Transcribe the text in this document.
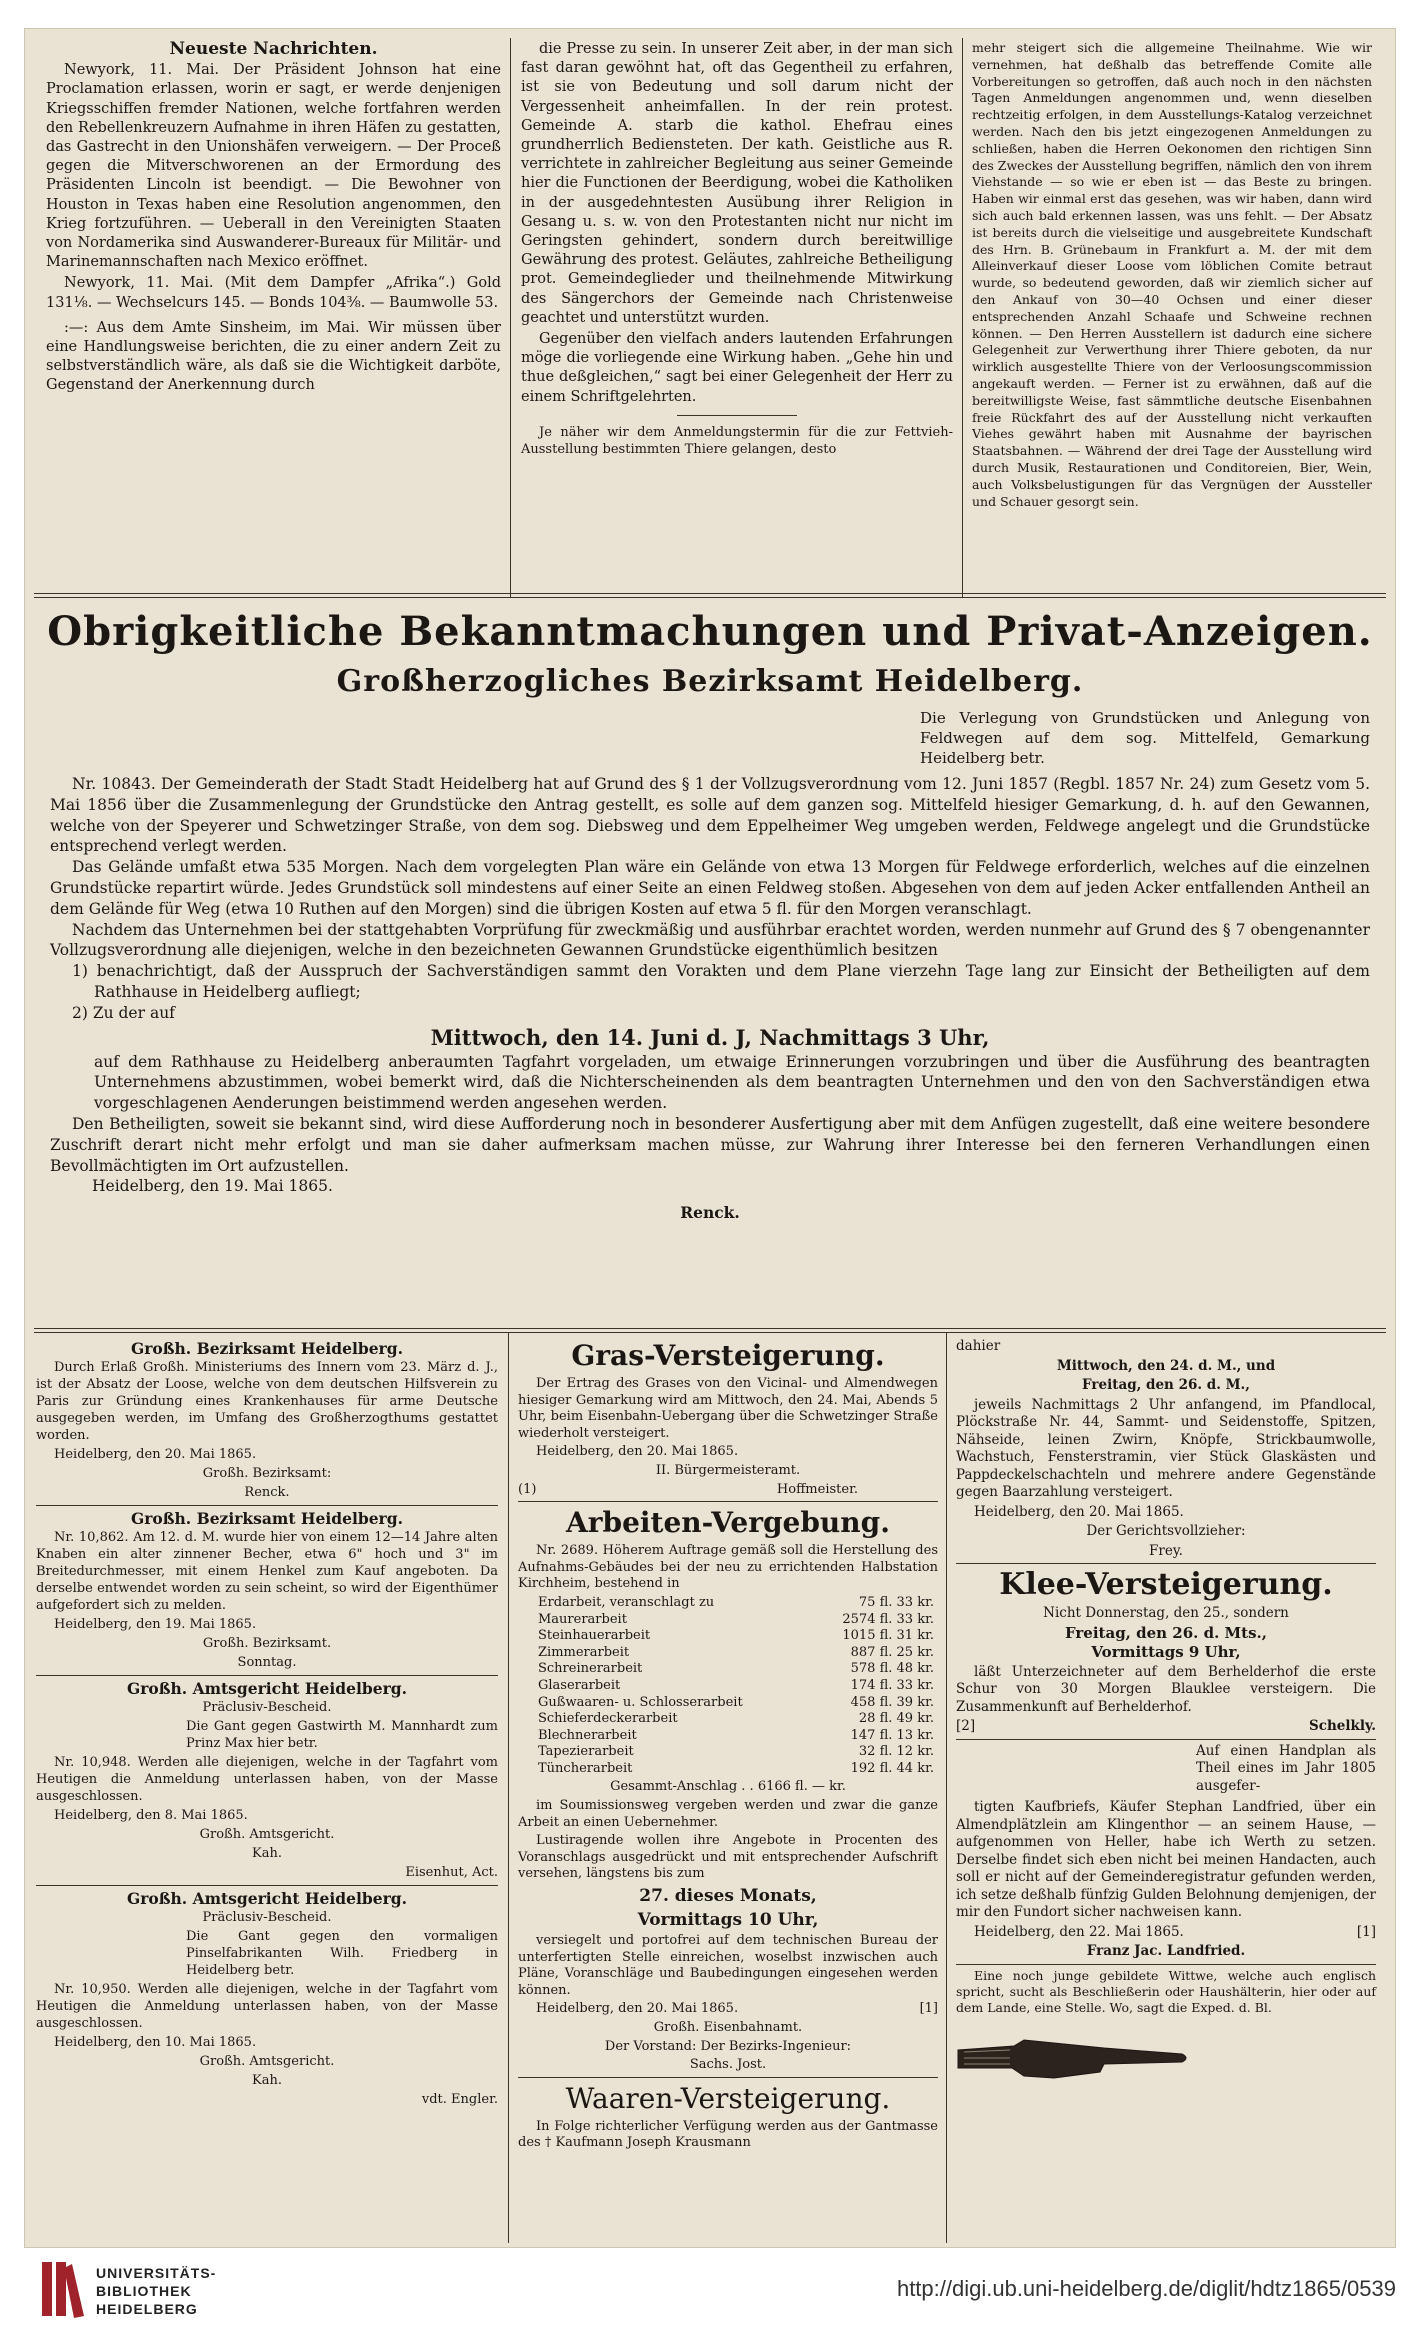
Neueste Nachrichten.

Newyork, 11. Mai. Der Präsident Johnson hat eine Proclamation erlassen, worin er sagt, er werde denjenigen Kriegsschiffen fremder Nationen, welche fortfahren werden den Rebellenkreuzern Aufnahme in ihren Häfen zu gestatten, das Gastrecht in den Unionshäfen verweigern. — Der Proceß gegen die Mitverschworenen an der Ermordung des Präsidenten Lincoln ist beendigt. — Die Bewohner von Houston in Texas haben eine Resolution angenommen, den Krieg fortzuführen. — Ueberall in den Vereinigten Staaten von Nordamerika sind Auswanderer-Bureaux für Militär- und Marinemannschaften nach Mexico eröffnet.

Newyork, 11. Mai. (Mit dem Dampfer „Afrika“.) Gold 131⅛. — Wechselcurs 145. — Bonds 104⅜. — Baumwolle 53.

:—: Aus dem Amte Sinsheim, im Mai. Wir müssen über eine Handlungsweise berichten, die zu einer andern Zeit zu selbstverständlich wäre, als daß sie die Wichtigkeit darböte, Gegenstand der Anerkennung durch

die Presse zu sein. In unserer Zeit aber, in der man sich fast daran gewöhnt hat, oft das Gegentheil zu erfahren, ist sie von Bedeutung und soll darum nicht der Vergessenheit anheimfallen. In der rein protest. Gemeinde A. starb die kathol. Ehefrau eines grundherrlich Bediensteten. Der kath. Geistliche aus R. verrichtete in zahlreicher Begleitung aus seiner Gemeinde hier die Functionen der Beerdigung, wobei die Katholiken in der ausgedehntesten Ausübung ihrer Religion in Gesang u. s. w. von den Protestanten nicht nur nicht im Geringsten gehindert, sondern durch bereitwillige Gewährung des protest. Geläutes, zahlreiche Betheiligung prot. Gemeindeglieder und theilnehmende Mitwirkung des Sängerchors der Gemeinde nach Christenweise geachtet und unterstützt wurden.

Gegenüber den vielfach anders lautenden Erfahrungen möge die vorliegende eine Wirkung haben. „Gehe hin und thue deßgleichen,“ sagt bei einer Gelegenheit der Herr zu einem Schriftgelehrten.

Je näher wir dem Anmeldungstermin für die zur Fettvieh-Ausstellung bestimmten Thiere gelangen, desto

mehr steigert sich die allgemeine Theilnahme. Wie wir vernehmen, hat deßhalb das betreffende Comite alle Vorbereitungen so getroffen, daß auch noch in den nächsten Tagen Anmeldungen angenommen und, wenn dieselben rechtzeitig erfolgen, in dem Ausstellungs-Katalog verzeichnet werden. Nach den bis jetzt eingezogenen Anmeldungen zu schließen, haben die Herren Oekonomen den richtigen Sinn des Zweckes der Ausstellung begriffen, nämlich den von ihrem Viehstande — so wie er eben ist — das Beste zu bringen. Haben wir einmal erst das gesehen, was wir haben, dann wird sich auch bald erkennen lassen, was uns fehlt. — Der Absatz ist bereits durch die vielseitige und ausgebreitete Kundschaft des Hrn. B. Grünebaum in Frankfurt a. M. der mit dem Alleinverkauf dieser Loose vom löblichen Comite betraut wurde, so bedeutend geworden, daß wir ziemlich sicher auf den Ankauf von 30—40 Ochsen und einer dieser entsprechenden Anzahl Schaafe und Schweine rechnen können. — Den Herren Ausstellern ist dadurch eine sichere Gelegenheit zur Verwerthung ihrer Thiere geboten, da nur wirklich ausgestellte Thiere von der Verloosungscommission angekauft werden. — Ferner ist zu erwähnen, daß auf die bereitwilligste Weise, fast sämmtliche deutsche Eisenbahnen freie Rückfahrt des auf der Ausstellung nicht verkauften Viehes gewährt haben mit Ausnahme der bayrischen Staatsbahnen. — Während der drei Tage der Ausstellung wird durch Musik, Restaurationen und Conditoreien, Bier, Wein, auch Volksbelustigungen für das Vergnügen der Aussteller und Schauer gesorgt sein.

Obrigkeitliche Bekanntmachungen und Privat-Anzeigen.
Großherzogliches Bezirksamt Heidelberg.

Die Verlegung von Grundstücken und Anlegung von Feldwegen auf dem sog. Mittelfeld, Gemarkung Heidelberg betr.

Nr. 10843. Der Gemeinderath der Stadt Stadt Heidelberg hat auf Grund des § 1 der Vollzugsverordnung vom 12. Juni 1857 (Regbl. 1857 Nr. 24) zum Gesetz vom 5. Mai 1856 über die Zusammenlegung der Grundstücke den Antrag gestellt, es solle auf dem ganzen sog. Mittelfeld hiesiger Gemarkung, d. h. auf den Gewannen, welche von der Speyerer und Schwetzinger Straße, von dem sog. Diebsweg und dem Eppelheimer Weg umgeben werden, Feldwege angelegt und die Grundstücke entsprechend verlegt werden.

Das Gelände umfaßt etwa 535 Morgen. Nach dem vorgelegten Plan wäre ein Gelände von etwa 13 Morgen für Feldwege erforderlich, welches auf die einzelnen Grundstücke repartirt würde. Jedes Grundstück soll mindestens auf einer Seite an einen Feldweg stoßen. Abgesehen von dem auf jeden Acker entfallenden Antheil an dem Gelände für Weg (etwa 10 Ruthen auf den Morgen) sind die übrigen Kosten auf etwa 5 fl. für den Morgen veranschlagt.

Nachdem das Unternehmen bei der stattgehabten Vorprüfung für zweckmäßig und ausführbar erachtet worden, werden nunmehr auf Grund des § 7 obengenannter Vollzugsverordnung alle diejenigen, welche in den bezeichneten Gewannen Grundstücke eigenthümlich besitzen

1) benachrichtigt, daß der Ausspruch der Sachverständigen sammt den Vorakten und dem Plane vierzehn Tage lang zur Einsicht der Betheiligten auf dem Rathhause in Heidelberg aufliegt;

2) Zu der auf

Mittwoch, den 14. Juni d. J, Nachmittags 3 Uhr,

auf dem Rathhause zu Heidelberg anberaumten Tagfahrt vorgeladen, um etwaige Erinnerungen vorzubringen und über die Ausführung des beantragten Unternehmens abzustimmen, wobei bemerkt wird, daß die Nichterscheinenden als dem beantragten Unternehmen und den von den Sachverständigen etwa vorgeschlagenen Aenderungen beistimmend werden angesehen werden.

Den Betheiligten, soweit sie bekannt sind, wird diese Aufforderung noch in besonderer Ausfertigung aber mit dem Anfügen zugestellt, daß eine weitere besondere Zuschrift derart nicht mehr erfolgt und man sie daher aufmerksam machen müsse, zur Wahrung ihrer Interesse bei den ferneren Verhandlungen einen Bevollmächtigten im Ort aufzustellen.

Heidelberg, den 19. Mai 1865.

Renck.

Großh. Bezirksamt Heidelberg.

Durch Erlaß Großh. Ministeriums des Innern vom 23. März d. J., ist der Absatz der Loose, welche von dem deutschen Hilfsverein zu Paris zur Gründung eines Krankenhauses für arme Deutsche ausgegeben werden, im Umfang des Großherzogthums gestattet worden.

Heidelberg, den 20. Mai 1865.

Großh. Bezirksamt:

Renck.

Großh. Bezirksamt Heidelberg.

Nr. 10,862. Am 12. d. M. wurde hier von einem 12—14 Jahre alten Knaben ein alter zinnener Becher, etwa 6" hoch und 3" im Breitedurchmesser, mit einem Henkel zum Kauf angeboten. Da derselbe entwendet worden zu sein scheint, so wird der Eigenthümer aufgefordert sich zu melden.

Heidelberg, den 19. Mai 1865.

Großh. Bezirksamt.

Sonntag.

Großh. Amtsgericht Heidelberg.

Präclusiv-Bescheid.

Die Gant gegen Gastwirth M. Mannhardt zum Prinz Max hier betr.

Nr. 10,948. Werden alle diejenigen, welche in der Tagfahrt vom Heutigen die Anmeldung unterlassen haben, von der Masse ausgeschlossen.

Heidelberg, den 8. Mai 1865.

Großh. Amtsgericht.

Kah.

Eisenhut, Act.

Großh. Amtsgericht Heidelberg.

Präclusiv-Bescheid.

Die Gant gegen den vormaligen Pinselfabrikanten Wilh. Friedberg in Heidelberg betr.

Nr. 10,950. Werden alle diejenigen, welche in der Tagfahrt vom Heutigen die Anmeldung unterlassen haben, von der Masse ausgeschlossen.

Heidelberg, den 10. Mai 1865.

Großh. Amtsgericht.

Kah.

vdt. Engler.

Gras-Versteigerung.

Der Ertrag des Grases von den Vicinal- und Almendwegen hiesiger Gemarkung wird am Mittwoch, den 24. Mai, Abends 5 Uhr, beim Eisenbahn-Uebergang über die Schwetzinger Straße wiederholt versteigert.

Heidelberg, den 20. Mai 1865.

II. Bürgermeisteramt.

(1)	Hoffmeister.

Arbeiten-Vergebung.

Nr. 2689. Höherem Auftrage gemäß soll die Herstellung des Aufnahms-Gebäudes bei der neu zu errichtenden Halbstation Kirchheim, bestehend in

Erdarbeit, veranschlagt zu	75 fl. 33 kr.
Maurerarbeit	2574 fl. 33 kr.
Steinhauerarbeit	1015 fl. 31 kr.
Zimmerarbeit	887 fl. 25 kr.
Schreinerarbeit	578 fl. 48 kr.
Glaserarbeit	174 fl. 33 kr.
Gußwaaren- u. Schlosserarbeit	458 fl. 39 kr.
Schieferdeckerarbeit	28 fl. 49 kr.
Blechnerarbeit	147 fl. 13 kr.
Tapezierarbeit	32 fl. 12 kr.
Tüncherarbeit	192 fl. 44 kr.

Gesammt-Anschlag . . 6166 fl. — kr.

im Soumissionsweg vergeben werden und zwar die ganze Arbeit an einen Uebernehmer.

Lustiragende wollen ihre Angebote in Procenten des Voranschlags ausgedrückt und mit entsprechender Aufschrift versehen, längstens bis zum

27. dieses Monats,

Vormittags 10 Uhr,

versiegelt und portofrei auf dem technischen Bureau der unterfertigten Stelle einreichen, woselbst inzwischen auch Pläne, Voranschläge und Baubedingungen eingesehen werden können.

Heidelberg, den 20. Mai 1865.	[1]

Großh. Eisenbahnamt.

Der Vorstand: Der Bezirks-Ingenieur:

Sachs. Jost.

Waaren-Versteigerung.

In Folge richterlicher Verfügung werden aus der Gantmasse des † Kaufmann Joseph Krausmann

dahier

Mittwoch, den 24. d. M., und

Freitag, den 26. d. M.,

jeweils Nachmittags 2 Uhr anfangend, im Pfandlocal, Plöckstraße Nr. 44, Sammt- und Seidenstoffe, Spitzen, Nähseide, leinen Zwirn, Knöpfe, Strickbaumwolle, Wachstuch, Fensterstramin, vier Stück Glaskästen und Pappdeckelschachteln und mehrere andere Gegenstände gegen Baarzahlung versteigert.

Heidelberg, den 20. Mai 1865.

Der Gerichtsvollzieher:

Frey.

Klee-Versteigerung.

Nicht Donnerstag, den 25., sondern

Freitag, den 26. d. Mts.,

Vormittags 9 Uhr,

läßt Unterzeichneter auf dem Berhelderhof die erste Schur von 30 Morgen Blauklee versteigern. Die Zusammenkunft auf Berhelderhof.

[2]	Schelkly.

Auf einen Handplan als Theil eines im Jahr 1805 ausgefer-

tigten Kaufbriefs, Käufer Stephan Landfried, über ein Almendplätzlein am Klingenthor — an seinem Hause, — aufgenommen von Heller, habe ich Werth zu setzen. Derselbe findet sich eben nicht bei meinen Handacten, auch soll er nicht auf der Gemeinderegistratur gefunden werden, ich setze deßhalb fünfzig Gulden Belohnung demjenigen, der mir den Fundort sicher nachweisen kann.

Heidelberg, den 22. Mai 1865.	[1]

Franz Jac. Landfried.

Eine noch junge gebildete Wittwe, welche auch englisch spricht, sucht als Beschließerin oder Haushälterin, hier oder auf dem Lande, eine Stelle. Wo, sagt die Exped. d. Bl.

UNIVERSITÄTS-
BIBLIOTHEK
HEIDELBERG
http://digi.ub.uni-heidelberg.de/diglit/hdtz1865/0539
